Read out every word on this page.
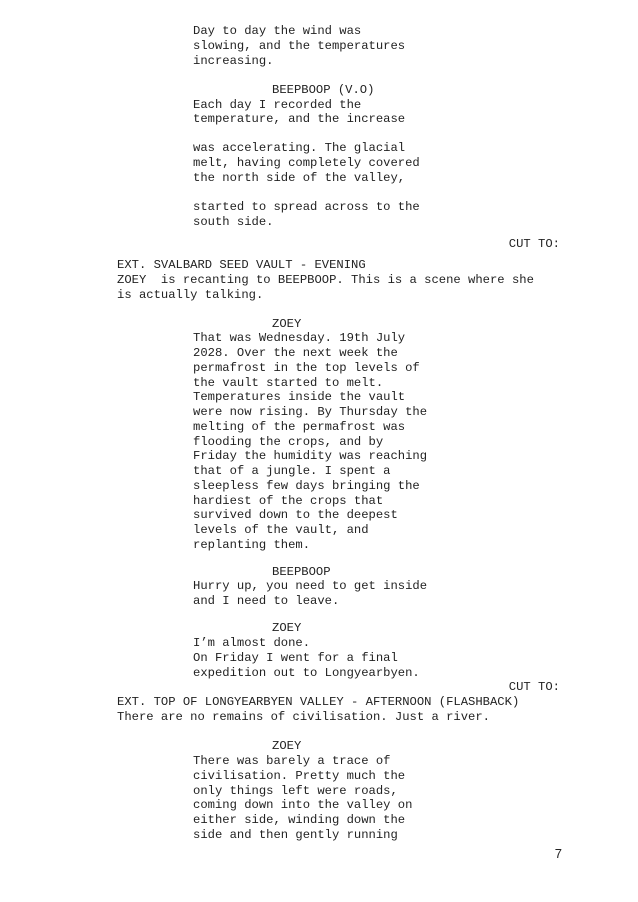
Day to day the wind was
slowing, and the temperatures
increasing.
BEEPBOOP (V.O)
Each day I recorded the
temperature, and the increase
was accelerating. The glacial
melt, having completely covered
the north side of the valley,
started to spread across to the
south side.
CUT TO:
EXT. SVALBARD SEED VAULT - EVENING
ZOEY  is recanting to BEEPBOOP. This is a scene where she
is actually talking.
ZOEY
That was Wednesday. 19th July
2028. Over the next week the
permafrost in the top levels of
the vault started to melt.
Temperatures inside the vault
were now rising. By Thursday the
melting of the permafrost was
flooding the crops, and by
Friday the humidity was reaching
that of a jungle. I spent a
sleepless few days bringing the
hardiest of the crops that
survived down to the deepest
levels of the vault, and
replanting them.
BEEPBOOP
Hurry up, you need to get inside
and I need to leave.
ZOEY
I’m almost done.
On Friday I went for a final
expedition out to Longyearbyen.
CUT TO:
EXT. TOP OF LONGYEARBYEN VALLEY - AFTERNOON (FLASHBACK)
There are no remains of civilisation. Just a river.
ZOEY
There was barely a trace of
civilisation. Pretty much the
only things left were roads,
coming down into the valley on
either side, winding down the
side and then gently running
7
